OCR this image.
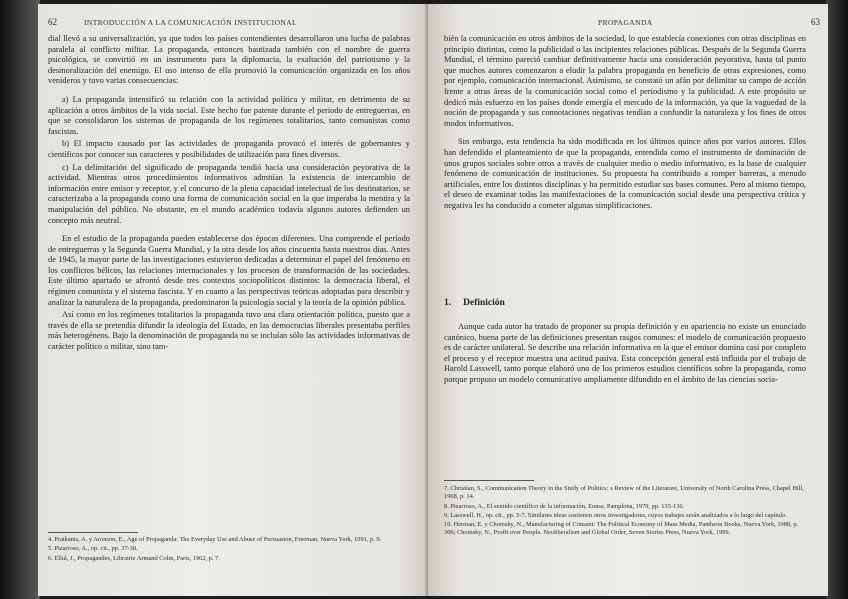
62	INTRODUCCIÓN A LA COMUNICACIÓN INSTITUCIONAL

dial llevó a su universalización, ya que todos los países contendientes desarrollaron una lucha de palabras paralela al conflicto militar. La propaganda, entonces bautizada también con el nombre de guerra psicológica, se convirtió en un instrumento para la diplomacia, la exaltación del patriotismo y la desmoralización del enemigo. El uso intenso de ella promovió la comunicación organizada en los años venideros y tuvo varias consecuencias:

a) La propaganda intensificó su relación con la actividad política y militar, en detrimento de su aplicación a otros ámbitos de la vida social. Este hecho fue patente durante el periodo de entreguerras, en que se consolidaron los sistemas de propaganda de los regímenes totalitarios, tanto comunistas como fascistas.

b) El impacto causado por las actividades de propaganda provocó el interés de gobernantes y científicos por conocer sus caracteres y posibilidades de utilización para fines diversos.

c) La delimitación del significado de propaganda tendió hacia una consideración peyorativa de la actividad. Mientras otros procedimientos informativos admitían la existencia de intercambio de información entre emisor y receptor, y el concurso de la plena capacidad intelectual de los destinatarios, se caracterizaba a la propaganda como una forma de comunicación social en la que imperaba la mentira y la manipulación del público. No obstante, en el mundo académico todavía algunos autores defienden un concepto más neutral.

En el estudio de la propaganda pueden establecerse dos épocas diferentes. Una comprende el período de entreguerras y la Segunda Guerra Mundial, y la otra desde los años cincuenta hasta nuestros días. Antes de 1945, la mayor parte de las investigaciones estuvieron dedicadas a determinar el papel del fenómeno en los conflictos bélicos, las relaciones internacionales y los procesos de transformación de las sociedades. Este último apartado se afrontó desde tres contextos sociopolíticos distintos: la democracia liberal, el régimen comunista y el sistema fascista. Y en cuanto a las perspectivas teóricas adoptadas para describir y analizar la naturaleza de la propaganda, predominaron la psicología social y la teoría de la opinión pública.

Así como en los regímenes totalitarios la propaganda tuvo una clara orientación política, puesto que a través de ella se pretendía difundir la ideología del Estado, en las democracias liberales presentaba perfiles más heterogéneos. Bajo la denominación de propaganda no se incluían sólo las actividades informativas de carácter político o militar, sino tam-

4. Pratkanis, A. y Aronson, E., Age of Propaganda: The Everyday Use and Abuse of Persuasion, Freeman, Nueva York, 1991, p. 9.

5. Pizarroso, A., op. cit., pp. 37-38.

6. Ellul, J., Propagandes, Librairie Armand Colin, París, 1962, p. 7.

PROPAGANDA	63

bién la comunicación en otros ámbitos de la sociedad, lo que establecía conexiones con otras disciplinas en principio distintas, como la publicidad o las incipientes relaciones públicas. Después de la Segunda Guerra Mundial, el término pareció cambiar definitivamente hacia una consideración peyorativa, hasta tal punto que muchos autores comenzaron a eludir la palabra propaganda en beneficio de otras expresiones, como por ejemplo, comunicación internacional. Asimismo, se constató un afán por delimitar su campo de acción frente a otras áreas de la comunicación social como el periodismo y la publicidad. A este propósito se dedicó más esfuerzo en los países donde emergía el mercado de la información, ya que la vaguedad de la noción de propaganda y sus connotaciones negativas tendían a confundir la naturaleza y los fines de otros modos informativos.

Sin embargo, esta tendencia ha sido modificada en los últimos quince años por varios autores. Ellos han defendido el planteamiento de que la propaganda, entendida como el instrumento de dominación de unos grupos sociales sobre otros a través de cualquier medio o medio informativo, es la base de cualquier fenómeno de comunicación de instituciones. Su propuesta ha contribuido a romper barreras, a menudo artificiales, entre los distintos disciplinas y ha permitido estudiar sus bases comunes. Pero al mismo tiempo, el deseo de examinar todas las manifestaciones de la comunicación social desde una perspectiva crítica y negativa les ha conducido a cometer algunas simplificaciones.

1. Definición

Aunque cada autor ha tratado de proponer su propia definición y en apariencia no existe un enunciado canónico, buena parte de las definiciones presentan rasgos comunes: el modelo de comunicación propuesto es de carácter unilateral. Se describe una relación informativa en la que el emisor domina casi por completo el proceso y el receptor muestra una actitud pasiva. Esta concepción general está influida por el trabajo de Harold Lasswell, tanto porque elaboró uno de los primeros estudios científicos sobre la propaganda, como porque propuso un modelo comunicativo ampliamente difundido en el ámbito de las ciencias socia-

7. Christian, S., Communication Theory in the Study of Politics: a Review of the Literature, University of North Carolina Press, Chapel Hill, 1968, p. 14.

8. Pizarroso, A., El sentido científico de la información, Eunsa, Pamplona, 1979, pp. 135-136.

9. Lasswell, H., op. cit., pp. 5-7. Similares ideas sostienen otros investigadores, cuyos trabajes serán analizados a lo largo del capítulo.

10. Herman, E. y Chomsky, N., Manufacturing of Consent: The Political Economy of Mass Media, Pantheon Books, Nueva York, 1988, p. 306; Chomsky, N., Profit over People. Neoliberalism and Global Order, Seven Stories Press, Nueva York, 1999.
